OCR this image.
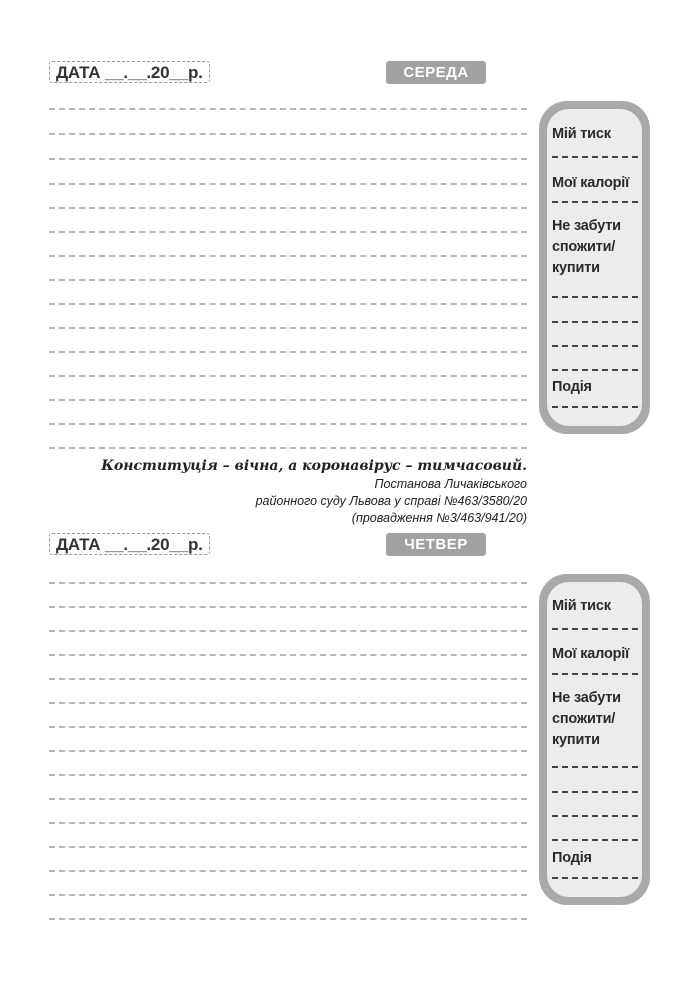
ДАТА __.__.20__р.	СЕРЕДА
Мій тиск
Мої калорії
Не забути
спожити/
купити
Подія
Конституція – вічна, а коронавірус – тимчасовий.
Постанова Личаківського
районного суду Львова у справі №463/3580/20
(провадження №3/463/941/20)
ДАТА __.__.20__р.	ЧЕТВЕР
Мій тиск
Мої калорії
Не забути
спожити/
купити
Подія
